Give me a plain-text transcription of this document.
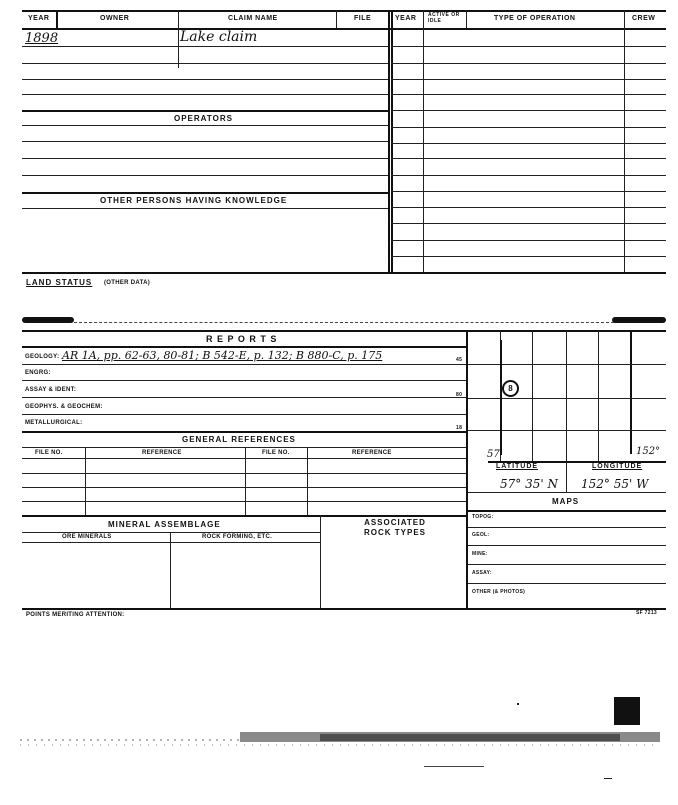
YEAR	OWNER	CLAIM NAME	FILE	YEAR ACTIVE OR IDLE	TYPE OF OPERATION	CREW
1898	Lake claim
OPERATORS
OTHER PERSONS HAVING KNOWLEDGE
LAND STATUS (OTHER DATA)
R E P O R T S
GEOLOGY: AR 1A, pp. 62-63, 80-81; B 542-E, p. 132; B 880-C, p. 175	45
ENGRG:
ASSAY & IDENT:
80
GEOPHYS. & GEOCHEM:
METALLURGICAL:
18
GENERAL REFERENCES
FILE NO.	REFERENCE	FILE NO.	REFERENCE
MINERAL ASSEMBLAGE	ASSOCIATED ROCK TYPES
ORE MINERALS	ROCK FORMING, ETC.
57	152°
8
LATITUDE	LONGITUDE
57° 35' N 152° 55' W
MAPS
TOPOG:
GEOL:
MINE:
ASSAY:
OTHER (& PHOTOS)
POINTS MERITING ATTENTION:	SF 7213
